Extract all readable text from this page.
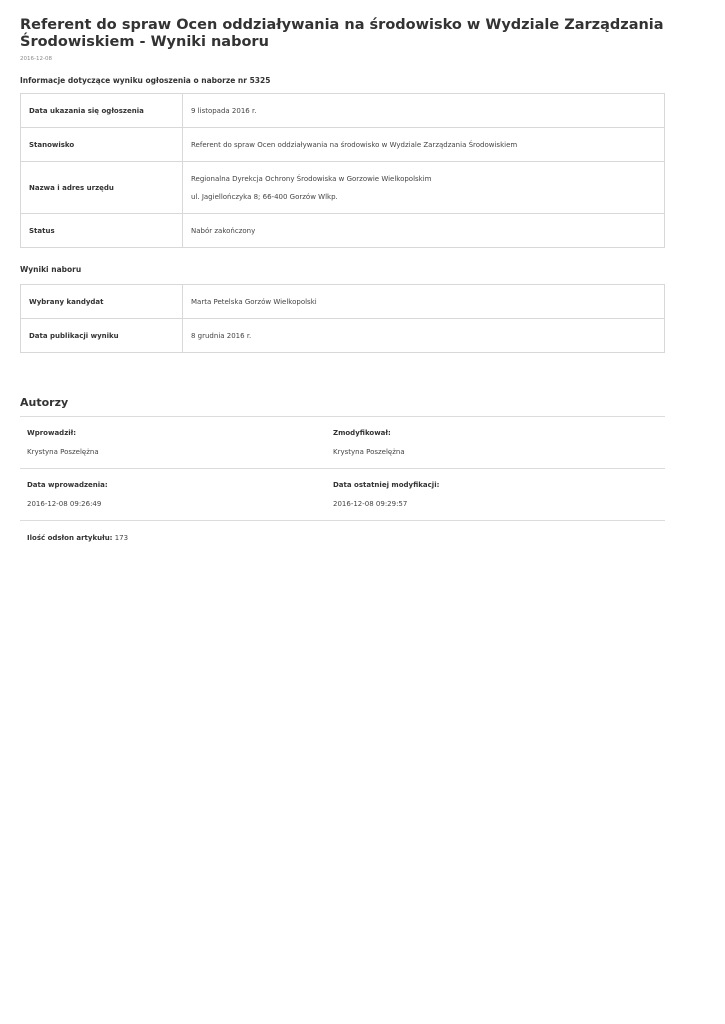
Referent do spraw Ocen oddziaływania na środowisko w Wydziale Zarządzania Środowiskiem - Wyniki naboru
2016-12-08
Informacje dotyczące wyniku ogłoszenia o naborze nr 5325
Data ukazania się ogłoszenia	9 listopada 2016 r.
Stanowisko	Referent do spraw Ocen oddziaływania na środowisko w Wydziale Zarządzania Środowiskiem
Nazwa i adres urzędu	Regionalna Dyrekcja Ochrony Środowiska w Gorzowie Wielkopolskim
ul. Jagiellończyka 8; 66-400 Gorzów Wlkp.

Status	Nabór zakończony
Wyniki naboru
Wybrany kandydat	Marta Petelska Gorzów Wielkopolski
Data publikacji wyniku	8 grudnia 2016 r.
Autorzy
Wprowadził:
Krystyna Poszelężna
Zmodyfikował:
Krystyna Poszelężna
Data wprowadzenia:
2016-12-08 09:26:49
Data ostatniej modyfikacji:
2016-12-08 09:29:57
Ilość odsłon artykułu: 173
